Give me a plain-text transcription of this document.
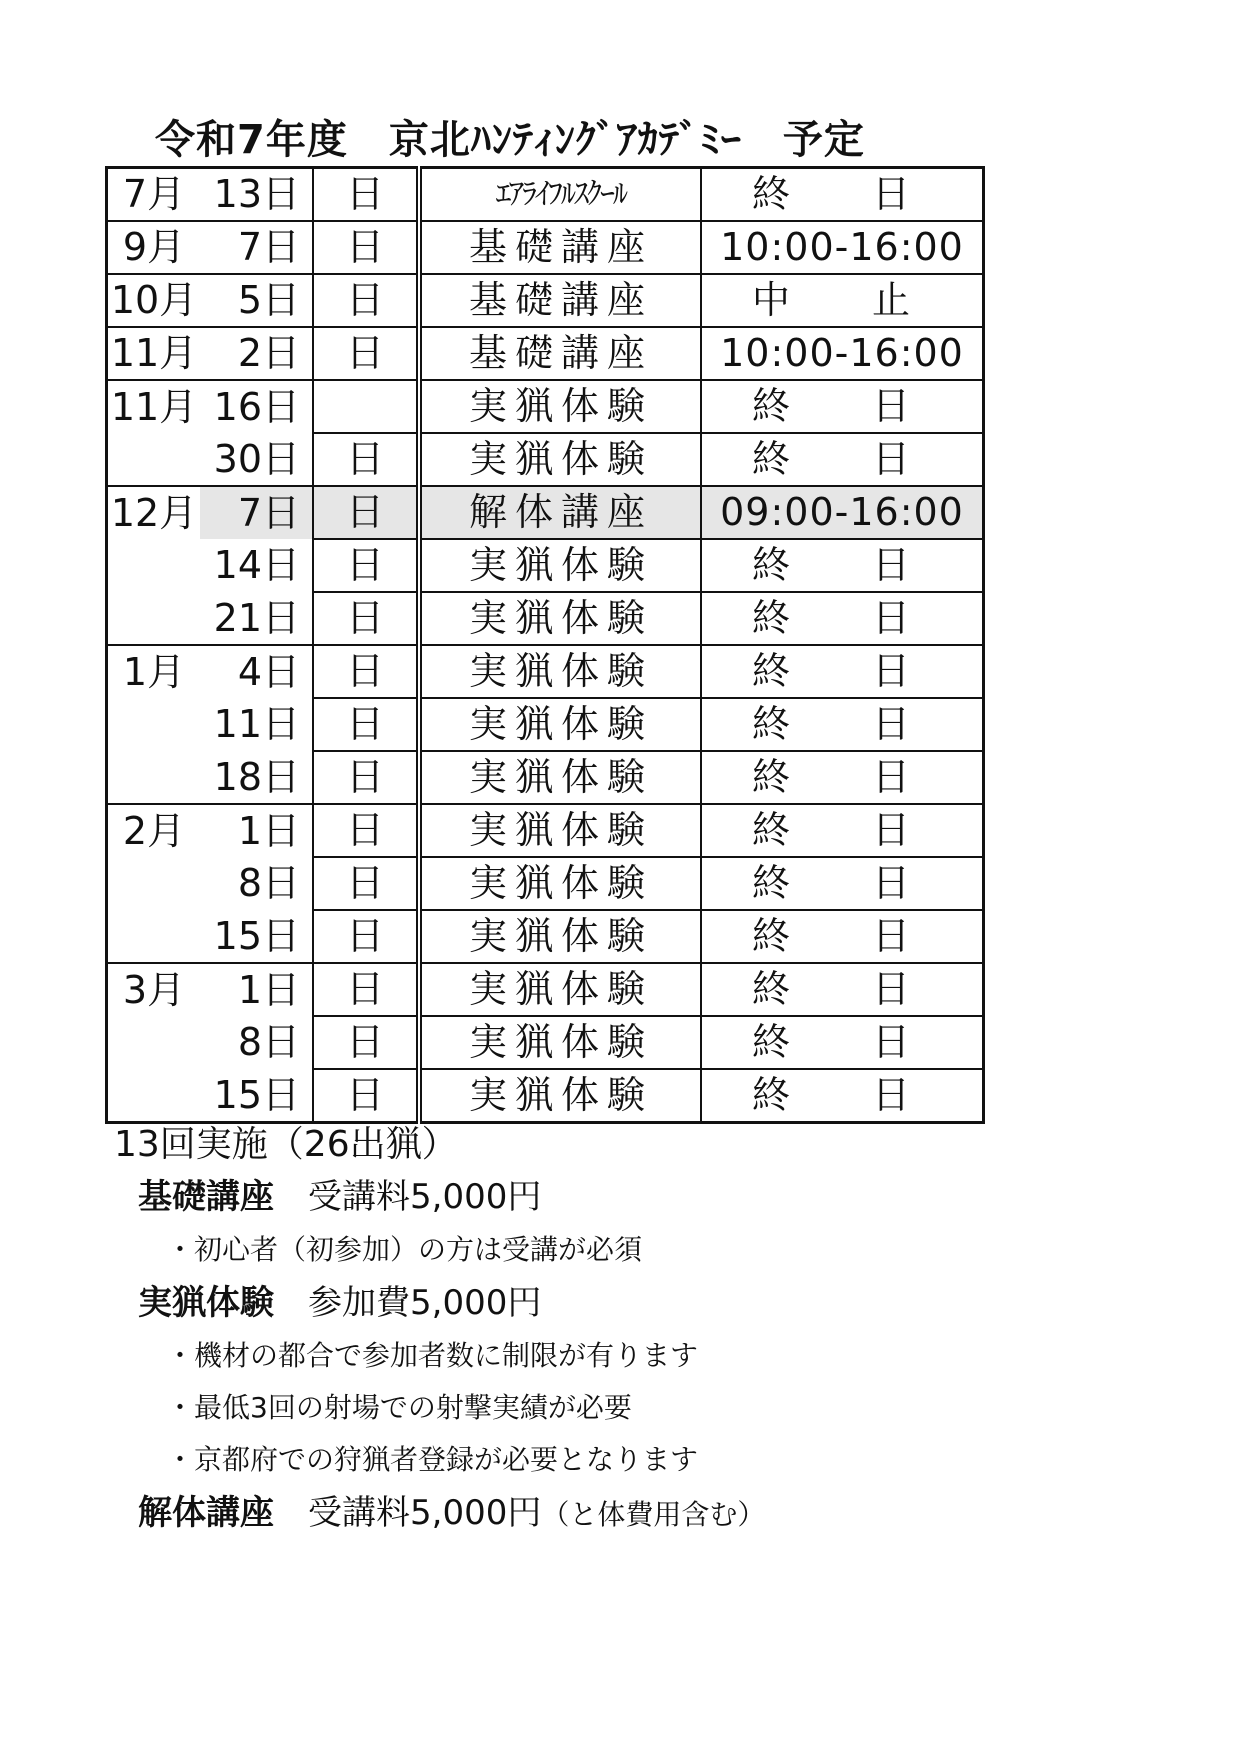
令和7年度　京北ﾊﾝﾃｨﾝｸﾞｱｶﾃﾞﾐｰ　予定
7月	13日	日	ｴｱﾗｲﾌﾙｽｸｰﾙ	終　日
9月	7日	日	基礎講座	10:00-16:00
10月	5日	日	基礎講座	中　止
11月	2日	日	基礎講座	10:00-16:00
11月	16日		実猟体験	終　日
	30日	日	実猟体験	終　日
12月	7日	日	解体講座	09:00-16:00
	14日	日	実猟体験	終　日
	21日	日	実猟体験	終　日
1月	4日	日	実猟体験	終　日
	11日	日	実猟体験	終　日
	18日	日	実猟体験	終　日
2月	1日	日	実猟体験	終　日
	8日	日	実猟体験	終　日
	15日	日	実猟体験	終　日
3月	1日	日	実猟体験	終　日
	8日	日	実猟体験	終　日
	15日	日	実猟体験	終　日
13回実施（26出猟）
基礎講座 受講料5,000円
・初心者（初参加）の方は受講が必須
実猟体験 参加費5,000円
・機材の都合で参加者数に制限が有ります
・最低3回の射場での射撃実績が必要
・京都府での狩猟者登録が必要となります
解体講座 受講料5,000円（と体費用含む）
